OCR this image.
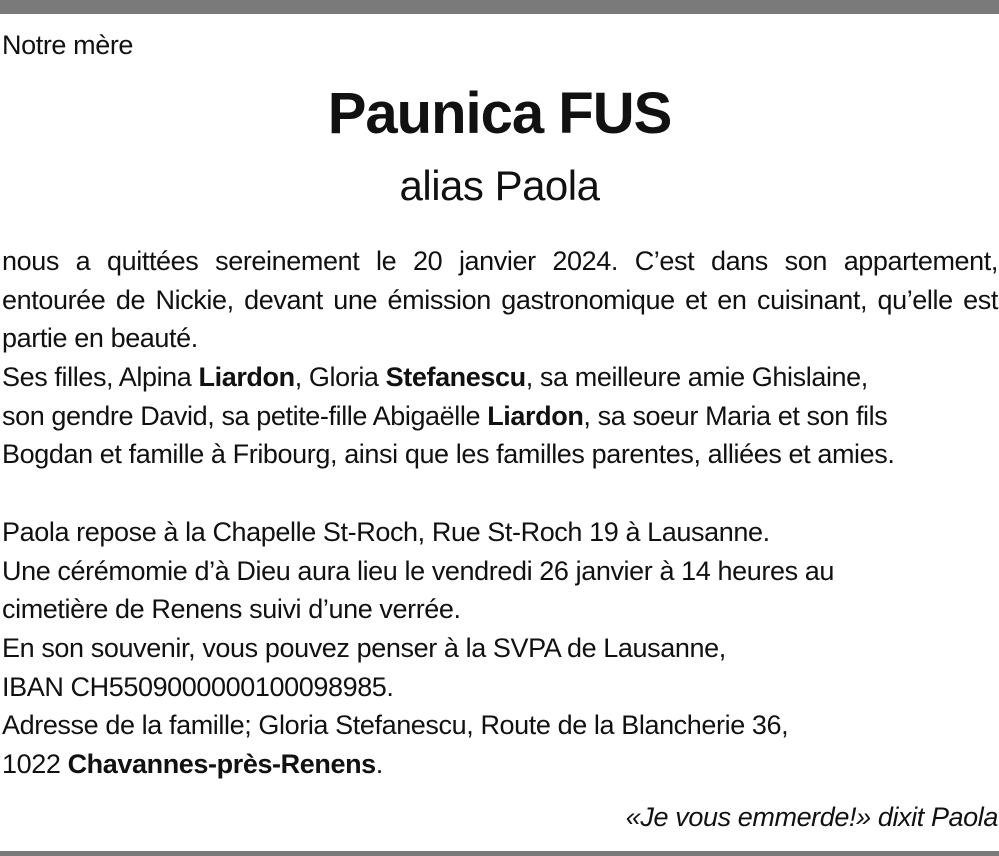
Notre mère

Paunica FUS

alias Paola

nous a quittées sereinement le 20 janvier 2024. C’est dans son appartement, entourée de Nickie, devant une émission gastronomique et en cuisinant, qu’elle est partie en beauté.

Ses filles, Alpina Liardon, Gloria Stefanescu, sa meilleure amie Ghislaine,

son gendre David, sa petite-fille Abigaëlle Liardon, sa soeur Maria et son fils

Bogdan et famille à Fribourg, ainsi que les familles parentes, alliées et amies.

Paola repose à la Chapelle St-Roch, Rue St-Roch 19 à Lausanne.

Une cérémomie d’à Dieu aura lieu le vendredi 26 janvier à 14 heures au

cimetière de Renens suivi d’une verrée.

En son souvenir, vous pouvez penser à la SVPA de Lausanne,

IBAN CH5509000000100098985.

Adresse de la famille; Gloria Stefanescu, Route de la Blancherie 36,

1022 Chavannes-près-Renens.

«Je vous emmerde!» dixit Paola
